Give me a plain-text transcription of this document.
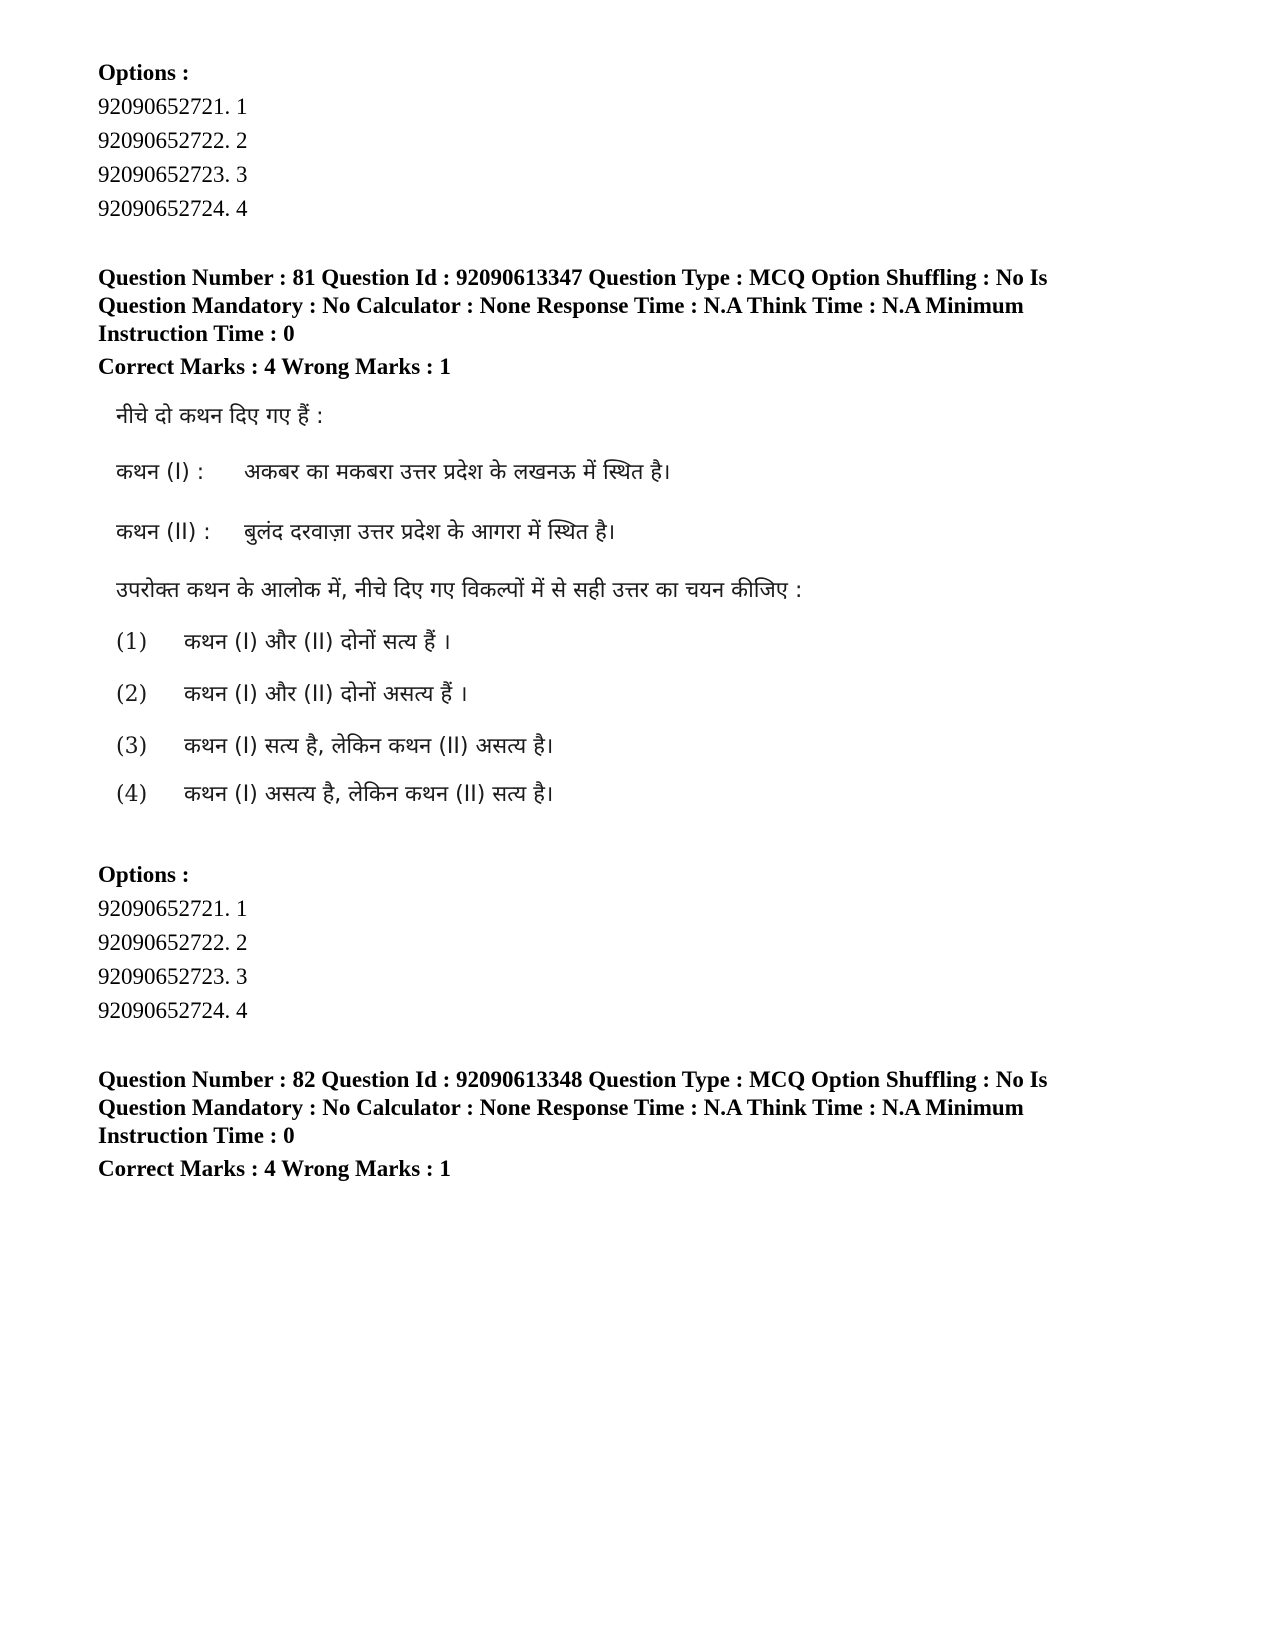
Options :
92090652721. 1
92090652722. 2
92090652723. 3
92090652724. 4
Question Number : 81 Question Id : 92090613347 Question Type : MCQ Option Shuffling : No Is
Question Mandatory : No Calculator : None Response Time : N.A Think Time : N.A Minimum
Instruction Time : 0
Correct Marks : 4 Wrong Marks : 1
नीचे दो कथन दिए गए हैं :
कथन (I) : अकबर का मकबरा उत्तर प्रदेश के लखनऊ में स्थित है।
कथन (II) : बुलंद दरवाज़ा उत्तर प्रदेश के आगरा में स्थित है।
उपरोक्त कथन के आलोक में, नीचे दिए गए विकल्पों में से सही उत्तर का चयन कीजिए :
(1) कथन (I) और (II) दोनों सत्य हैं ।
(2) कथन (I) और (II) दोनों असत्य हैं ।
(3) कथन (I) सत्य है, लेकिन कथन (II) असत्य है।
(4) कथन (I) असत्य है, लेकिन कथन (II) सत्य है।
Options :
92090652721. 1
92090652722. 2
92090652723. 3
92090652724. 4
Question Number : 82 Question Id : 92090613348 Question Type : MCQ Option Shuffling : No Is
Question Mandatory : No Calculator : None Response Time : N.A Think Time : N.A Minimum
Instruction Time : 0
Correct Marks : 4 Wrong Marks : 1
